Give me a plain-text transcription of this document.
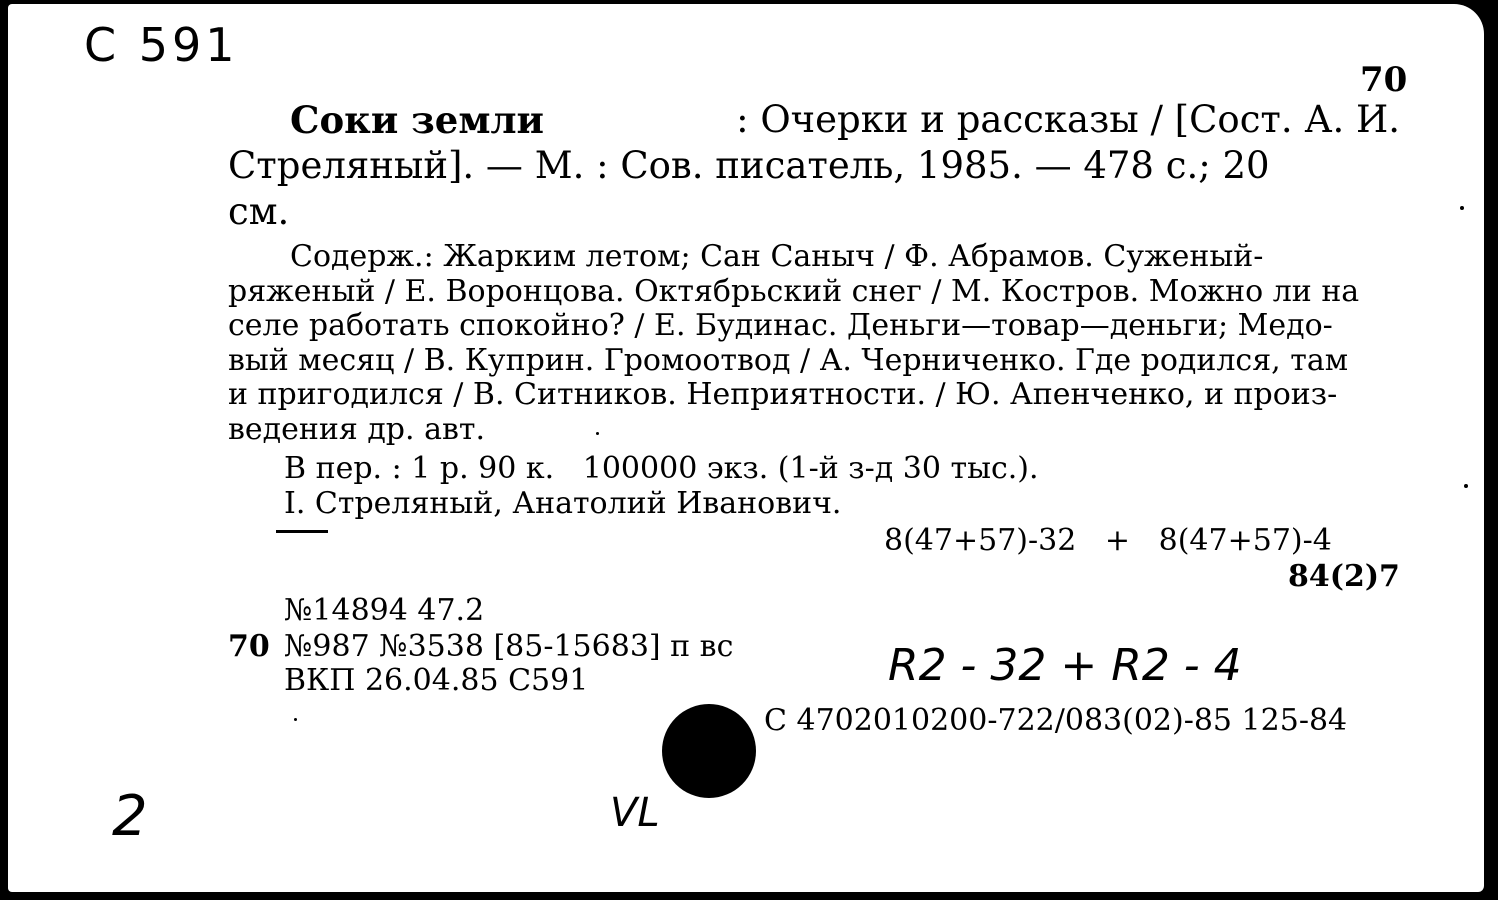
С 591
70
Соки земли	: Очерки и рассказы / [Сост. А. И.
Стреляный]. — М. : Сов. писатель, 1985. — 478 с.; 20
см.
Содерж.: Жарким летом; Сан Саныч / Ф. Абрамов. Суженый-
ряженый / Е. Воронцова. Октябрьский снег / М. Костров. Можно ли на
селе работать спокойно? / Е. Будинас. Деньги—товар—деньги; Медо-
вый месяц / В. Куприн. Громоотвод / А. Черниченко. Где родился, там
и пригодился / В. Ситников. Неприятности. / Ю. Апенченко, и произ-
ведения др. авт.
В пер. : 1 р. 90 к.   100000 экз. (1-й з-д 30 тыс.).
I. Стреляный, Анатолий Иванович.
8(47+57)-32   +   8(47+57)-4
84(2)7
№14894 47.2
70 №987 №3538 [85-15683] п вс
ВКП 26.04.85 С591	R2 - 32 + R2 - 4
С 4702010200-722/083(02)-85 125-84
2	VL
